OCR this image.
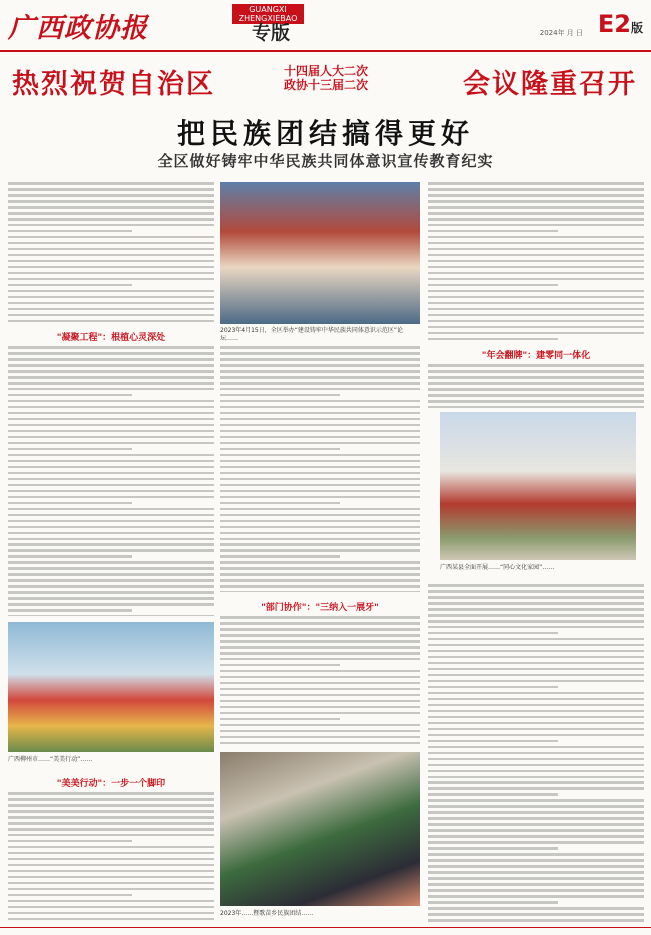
广西政协报
GUANGXI ZHENGXIEBAO
专版	2024年 月 日 E2版
热烈祝贺自治区	十四届人大二次
政协十三届二次	会议隆重召开
把民族团结搞得更好
全区做好铸牢中华民族共同体意识宣传教育纪实
"凝聚工程"：根植心灵深处
广西柳州市……“美美行动”……
"美美行动"：一步一个脚印
2023年4月15日，全区举办“建设铸牢中华民族共同体意识示范区”论坛……
"部门协作"："三纳入一展牙"
2023年……暨歌苗乡民族团结……
"年会翻牌"：建零同一体化
广西某县全面开展……“同心文化家园”……
